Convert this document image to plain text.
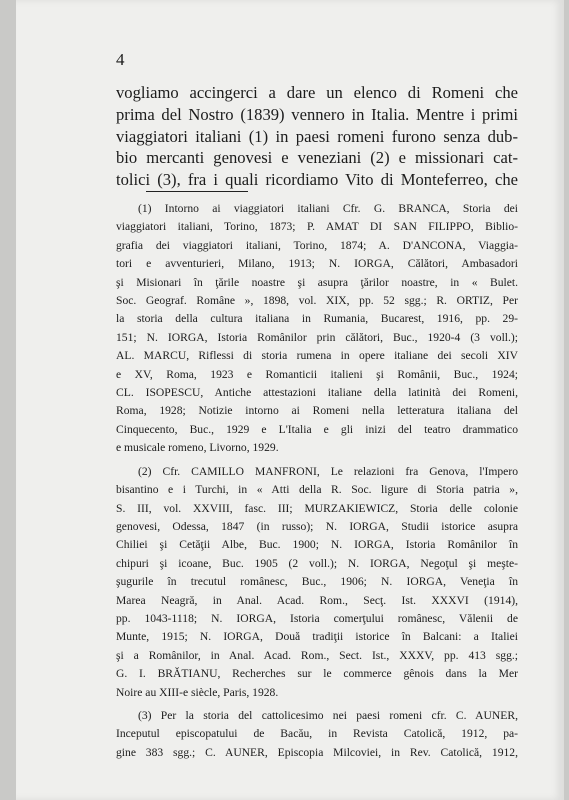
4
vogliamo accingerci a dare un elenco di Romeni che
prima del Nostro (1839) vennero in Italia. Mentre i primi
viaggiatori italiani (1) in paesi romeni furono senza dub-
bio mercanti genovesi e veneziani (2) e missionari cat-
tolici (3), fra i quali ricordiamo Vito di Monteferreo, che
(1) Intorno ai viaggiatori italiani Cfr. G. BRANCA, Storia dei
viaggiatori italiani, Torino, 1873; P. AMAT DI SAN FILIPPO, Biblio-
grafia dei viaggiatori italiani, Torino, 1874; A. D'ANCONA, Viaggia-
tori e avventurieri, Milano, 1913; N. IORGA, Călători, Ambasadori
şi Misionari în ţările noastre şi asupra ţărilor noastre, in « Bulet.
Soc. Geograf. Române », 1898, vol. XIX, pp. 52 sgg.; R. ORTIZ, Per
la storia della cultura italiana in Rumania, Bucarest, 1916, pp. 29-
151; N. IORGA, Istoria Românilor prin călători, Buc., 1920-4 (3 voll.);
AL. MARCU, Riflessi di storia rumena in opere italiane dei secoli XIV
e XV, Roma, 1923 e Romanticii italieni şi Românii, Buc., 1924;
CL. ISOPESCU, Antiche attestazioni italiane della latinità dei Romeni,
Roma, 1928; Notizie intorno ai Romeni nella letteratura italiana del
Cinquecento, Buc., 1929 e L'Italia e gli inizi del teatro drammatico
e musicale romeno, Livorno, 1929.
(2) Cfr. CAMILLO MANFRONI, Le relazioni fra Genova, l'Impero
bisantino e i Turchi, in « Atti della R. Soc. ligure di Storia patria »,
S. III, vol. XXVIII, fasc. III; MURZAKIEWICZ, Storia delle colonie
genovesi, Odessa, 1847 (in russo); N. IORGA, Studii istorice asupra
Chiliei şi Cetăţii Albe, Buc. 1900; N. IORGA, Istoria Românilor în
chipuri şi icoane, Buc. 1905 (2 voll.); N. IORGA, Negoţul şi meşte-
şugurile în trecutul românesc, Buc., 1906; N. IORGA, Veneţia în
Marea Neagră, in Anal. Acad. Rom., Secţ. Ist. XXXVI (1914),
pp. 1043-1118; N. IORGA, Istoria comerţului românesc, Vălenii de
Munte, 1915; N. IORGA, Două tradiţii istorice în Balcani: a Italiei
şi a Românilor, in Anal. Acad. Rom., Sect. Ist., XXXV, pp. 413 sgg.;
G. I. BRĂTIANU, Recherches sur le commerce gênois dans la Mer
Noire au XIII-e siècle, Paris, 1928.
(3) Per la storia del cattolicesimo nei paesi romeni cfr. C. AUNER,
Inceputul episcopatului de Bacău, in Revista Catolică, 1912, pa-
gine 383 sgg.; C. AUNER, Episcopia Milcoviei, in Rev. Catolică, 1912,
